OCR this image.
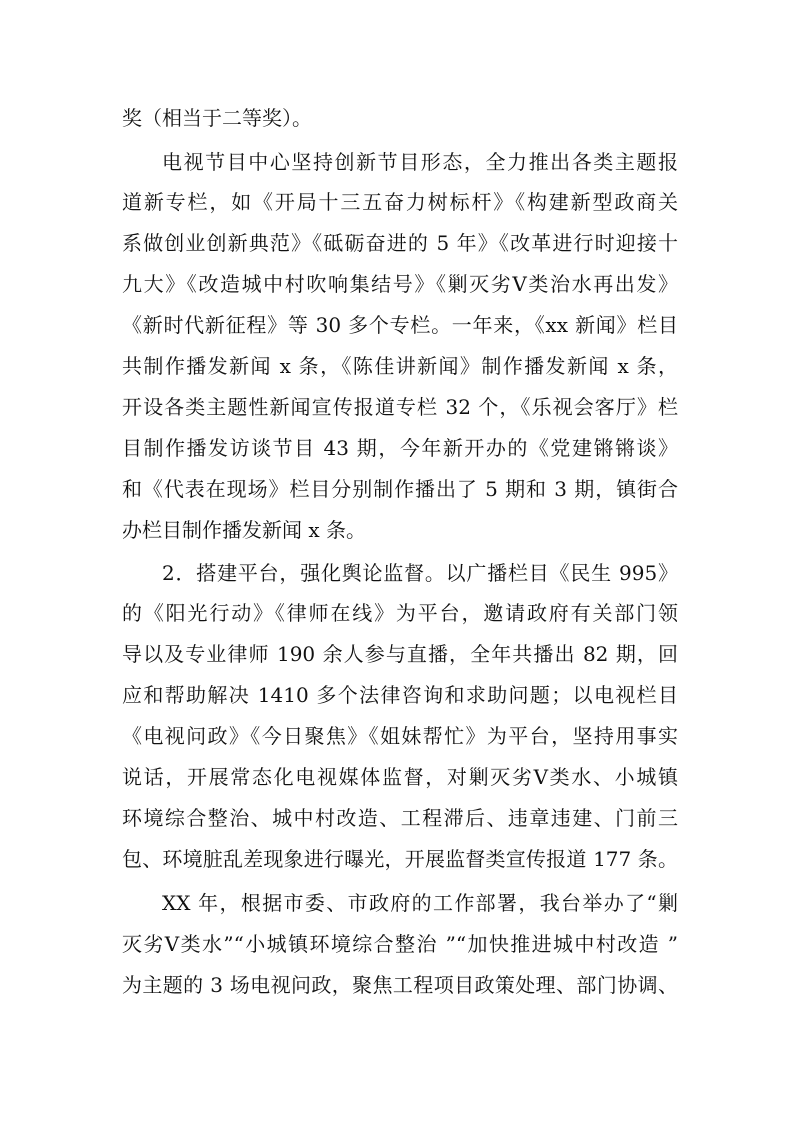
奖（相当于二等奖）。
电视节目中心坚持创新节目形态，全力推出各类主题报
道新专栏，如《开局十三五奋力树标杆》《构建新型政商关
系做创业创新典范》《砥砺奋进的 5 年》《改革进行时迎接十
九大》《改造城中村吹响集结号》《剿灭劣Ⅴ类治水再出发》
《新时代新征程》等 30 多个专栏。一年来，《xx 新闻》栏目
共制作播发新闻 x 条，《陈佳讲新闻》制作播发新闻 x 条，
开设各类主题性新闻宣传报道专栏 32 个，《乐视会客厅》栏
目制作播发访谈节目 43 期，今年新开办的《党建锵锵谈》
和《代表在现场》栏目分别制作播出了 5 期和 3 期，镇街合
办栏目制作播发新闻 x 条。
2．搭建平台，强化舆论监督。以广播栏目《民生 995》
的《阳光行动》《律师在线》为平台，邀请政府有关部门领
导以及专业律师 190 余人参与直播，全年共播出 82 期，回
应和帮助解决 1410 多个法律咨询和求助问题；以电视栏目
《电视问政》《今日聚焦》《姐妹帮忙》为平台，坚持用事实
说话，开展常态化电视媒体监督，对剿灭劣Ⅴ类水、小城镇
环境综合整治、城中村改造、工程滞后、违章违建、门前三
包、环境脏乱差现象进行曝光，开展监督类宣传报道 177 条。
XX 年，根据市委、市政府的工作部署，我台举办了“剿
灭劣Ⅴ类水”“小城镇环境综合整治 ”“加快推进城中村改造 ”
为主题的 3 场电视问政，聚焦工程项目政策处理、部门协调、
